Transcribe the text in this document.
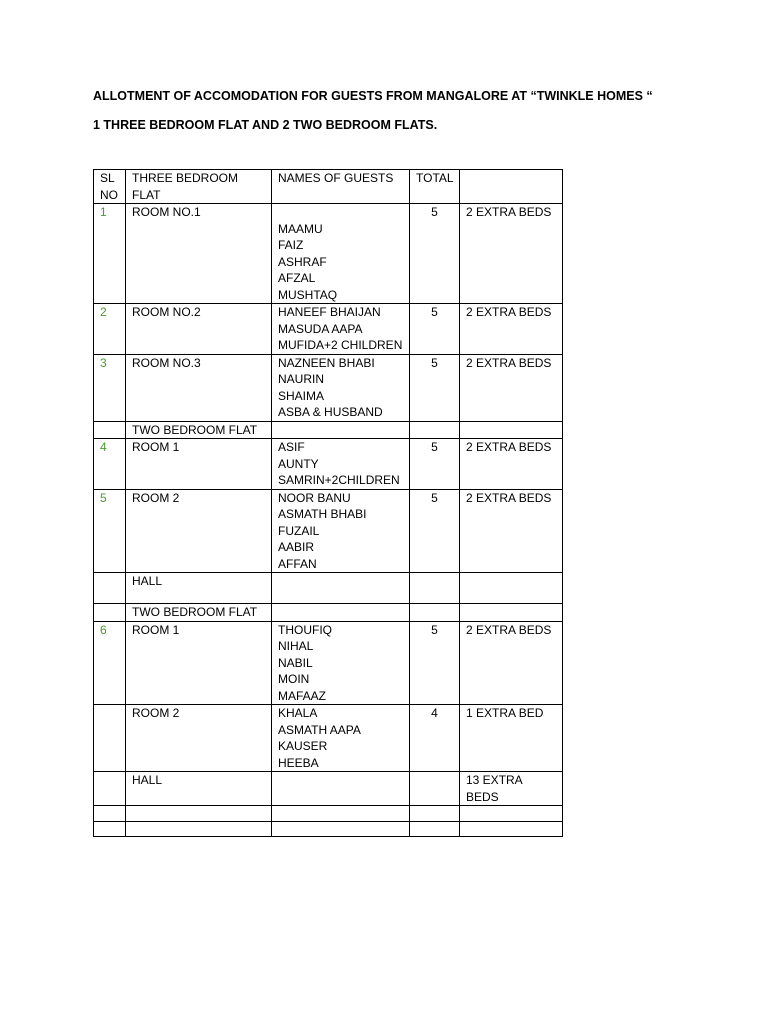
ALLOTMENT OF ACCOMODATION FOR GUESTS FROM MANGALORE AT “TWINKLE HOMES “
1 THREE BEDROOM FLAT AND 2 TWO BEDROOM FLATS.
SL NO	THREE BEDROOM FLAT	NAMES OF GUESTS	TOTAL	
1	ROOM NO.1	MAAMU
FAIZ
ASHRAF
AFZAL
MUSHTAQ	5	2 EXTRA BEDS
2	ROOM NO.2	HANEEF BHAIJAN
MASUDA AAPA
MUFIDA+2 CHILDREN	5	2 EXTRA BEDS
3	ROOM NO.3	NAZNEEN BHABI
NAURIN
SHAIMA
ASBA & HUSBAND	5	2 EXTRA BEDS
	TWO BEDROOM FLAT			
4	ROOM 1	ASIF
AUNTY
SAMRIN+2CHILDREN	5	2 EXTRA BEDS
5	ROOM 2	NOOR BANU
ASMATH BHABI
FUZAIL
AABIR
AFFAN	5	2 EXTRA BEDS
	HALL			
	TWO BEDROOM FLAT			
6	ROOM 1	THOUFIQ
NIHAL
NABIL
MOIN
MAFAAZ	5	2 EXTRA BEDS
	ROOM 2	KHALA
ASMATH AAPA
KAUSER
HEEBA	4	1 EXTRA BED
	HALL			13 EXTRA BEDS
